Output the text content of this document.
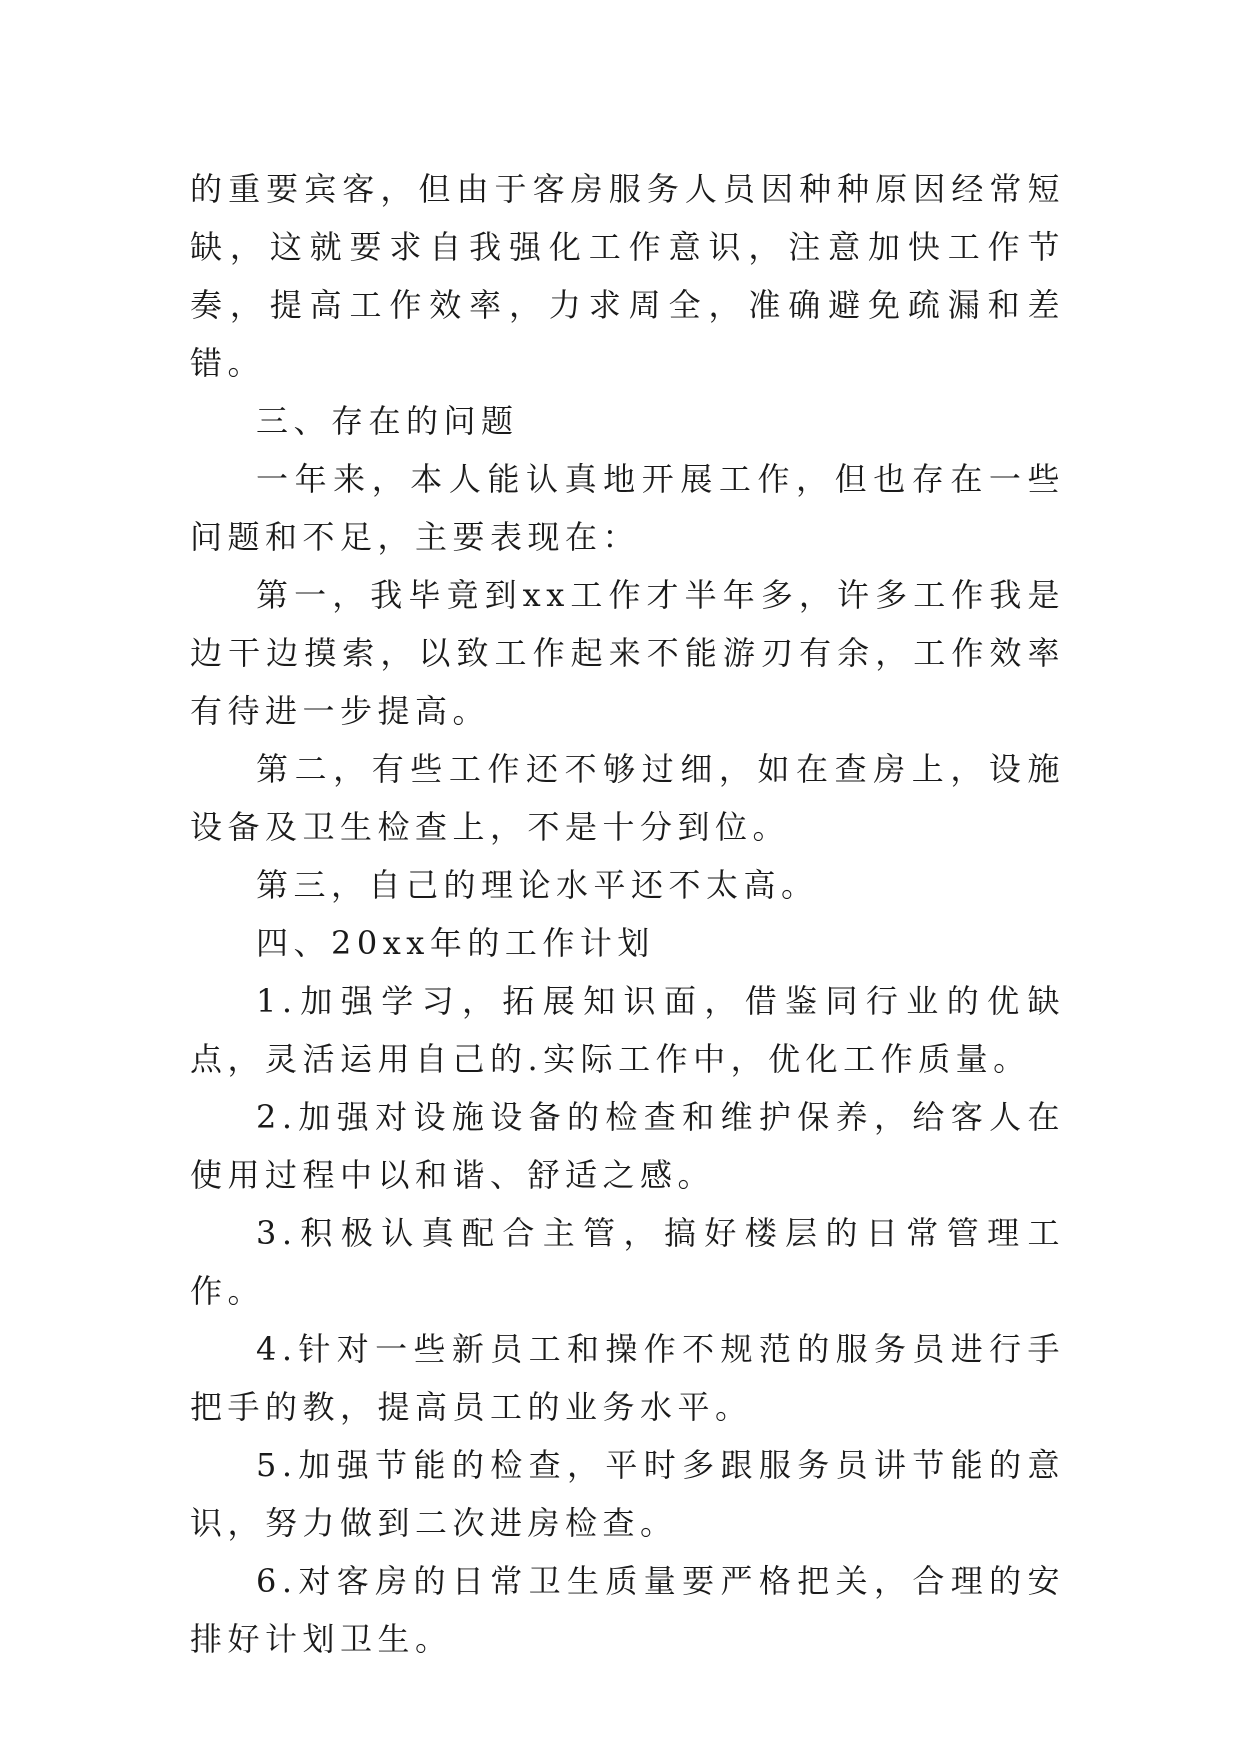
的重要宾客，但由于客房服务人员因种种原因经常短缺，这就要求自我强化工作意识，注意加快工作节奏，提高工作效率，力求周全，准确避免疏漏和差错。

三、存在的问题

一年来，本人能认真地开展工作，但也存在一些问题和不足，主要表现在：

第一，我毕竟到xx工作才半年多，许多工作我是边干边摸索，以致工作起来不能游刃有余，工作效率有待进一步提高。

第二，有些工作还不够过细，如在查房上，设施设备及卫生检查上，不是十分到位。

第三，自己的理论水平还不太高。

四、20xx年的工作计划

1.加强学习，拓展知识面，借鉴同行业的优缺点，灵活运用自己的.实际工作中，优化工作质量。

2.加强对设施设备的检查和维护保养，给客人在使用过程中以和谐、舒适之感。

3.积极认真配合主管，搞好楼层的日常管理工作。

4.针对一些新员工和操作不规范的服务员进行手把手的教，提高员工的业务水平。

5.加强节能的检查，平时多跟服务员讲节能的意识，努力做到二次进房检查。

6.对客房的日常卫生质量要严格把关，合理的安排好计划卫生。
